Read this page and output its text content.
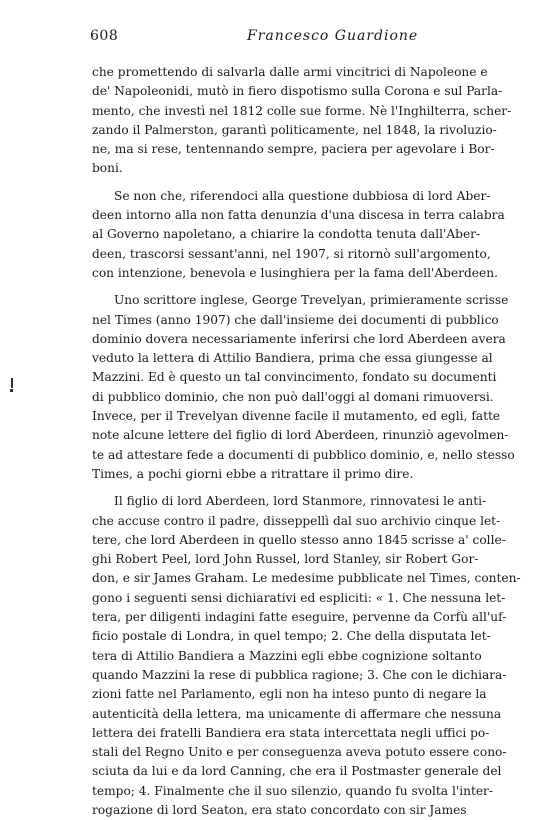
608	Francesco Guardione
che promettendo di salvarla dalle armi vincitrici di Napoleone e
de' Napoleonidi, mutò in fiero dispotismo sulla Corona e sul Parla-
mento, che investì nel 1812 colle sue forme. Nè l'Inghilterra, scher-
zando il Palmerston, garantì politicamente, nel 1848, la rivoluzio-
ne, ma si rese, tentennando sempre, paciera per agevolare i Bor-
boni.
Se non che, riferendoci alla questione dubbiosa di lord Aber-
deen intorno alla non fatta denunzia d'una discesa in terra calabra
al Governo napoletano, a chiarire la condotta tenuta dall'Aber-
deen, trascorsi sessant'anni, nel 1907, si ritornò sull'argomento,
con intenzione, benevola e lusinghiera per la fama dell'Aberdeen.
Uno scrittore inglese, George Trevelyan, primieramente scrisse
nel Times (anno 1907) che dall'insieme dei documenti di pubblico
dominio dovera necessariamente inferirsi che lord Aberdeen avera
veduto la lettera di Attilio Bandiera, prima che essa giungesse al
Mazzini. Ed è questo un tal convincimento, fondato su documenti
di pubblico dominio, che non può dall'oggi al domani rimuoversi.
Invece, per il Trevelyan divenne facile il mutamento, ed egli, fatte
note alcune lettere del figlio di lord Aberdeen, rinunziò agevolmen-
te ad attestare fede a documenti di pubblico dominio, e, nello stesso
Times, a pochi giorni ebbe a ritrattare il primo dire.
Il figlio di lord Aberdeen, lord Stanmore, rinnovatesi le anti-
che accuse contro il padre, disseppellì dal suo archivio cinque let-
tere, che lord Aberdeen in quello stesso anno 1845 scrisse a' colle-
ghi Robert Peel, lord John Russel, lord Stanley, sir Robert Gor-
don, e sir James Graham. Le medesime pubblicate nel Times, conten-
gono i seguenti sensi dichiarativi ed espliciti: « 1. Che nessuna let-
tera, per diligenti indagini fatte eseguire, pervenne da Corfù all'uf-
ficio postale di Londra, in quel tempo; 2. Che della disputata let-
tera di Attilio Bandiera a Mazzini egli ebbe cognizione soltanto
quando Mazzini la rese di pubblica ragione; 3. Che con le dichiara-
zioni fatte nel Parlamento, egli non ha inteso punto di negare la
autenticità della lettera, ma unicamente di affermare che nessuna
lettera dei fratelli Bandiera era stata intercettata negli uffici po-
stali del Regno Unito e per conseguenza aveva potuto essere cono-
sciuta da lui e da lord Canning, che era il Postmaster generale del
tempo; 4. Finalmente che il suo silenzio, quando fu svolta l'inter-
rogazione di lord Seaton, era stato concordato con sir James
